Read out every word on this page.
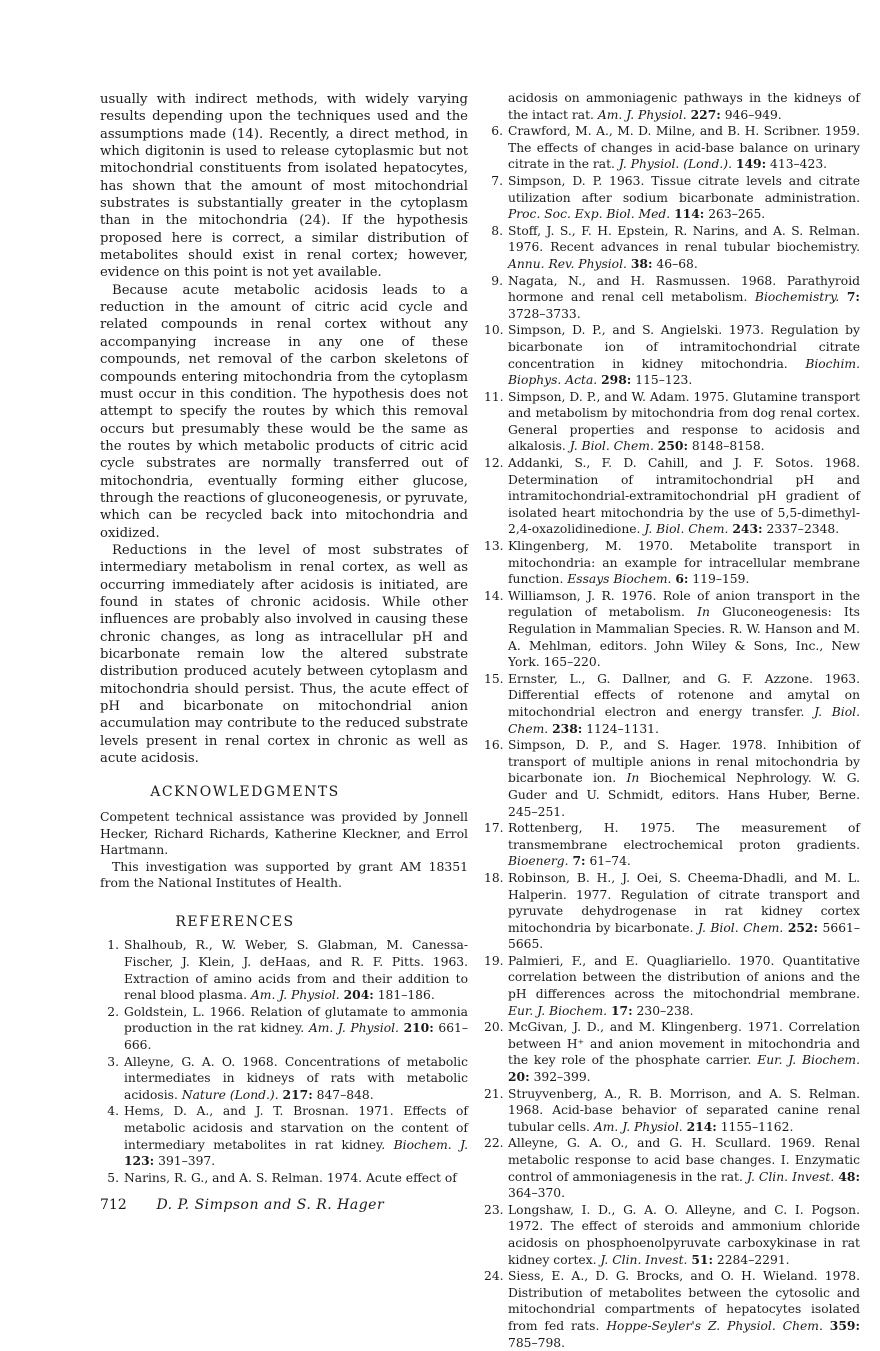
usually with indirect methods, with widely varying results depending upon the techniques used and the assumptions made (14). Recently, a direct method, in which digitonin is used to release cytoplasmic but not mitochondrial constituents from isolated hepatocytes, has shown that the amount of most mitochondrial substrates is substantially greater in the cytoplasm than in the mitochondria (24). If the hypothesis proposed here is correct, a similar distribution of metabolites should exist in renal cortex; however, evidence on this point is not yet available.

Because acute metabolic acidosis leads to a reduction in the amount of citric acid cycle and related compounds in renal cortex without any accompanying increase in any one of these compounds, net removal of the carbon skeletons of compounds entering mitochondria from the cytoplasm must occur in this condition. The hypothesis does not attempt to specify the routes by which this removal occurs but presumably these would be the same as the routes by which metabolic products of citric acid cycle substrates are normally transferred out of mitochondria, eventually forming either glucose, through the reactions of gluconeogenesis, or pyruvate, which can be recycled back into mitochondria and oxidized.

Reductions in the level of most substrates of intermediary metabolism in renal cortex, as well as occurring immediately after acidosis is initiated, are found in states of chronic acidosis. While other influences are probably also involved in causing these chronic changes, as long as intracellular pH and bicarbonate remain low the altered substrate distribution produced acutely between cytoplasm and mitochondria should persist. Thus, the acute effect of pH and bicarbonate on mitochondrial anion accumulation may contribute to the reduced substrate levels present in renal cortex in chronic as well as acute acidosis.

ACKNOWLEDGMENTS

Competent technical assistance was provided by Jonnell Hecker, Richard Richards, Katherine Kleckner, and Errol Hartmann.

This investigation was supported by grant AM 18351 from the National Institutes of Health.

REFERENCES
1. Shalhoub, R., W. Weber, S. Glabman, M. Canessa-Fischer, J. Klein, J. deHaas, and R. F. Pitts. 1963. Extraction of amino acids from and their addition to renal blood plasma. Am. J. Physiol. 204: 181–186.
2. Goldstein, L. 1966. Relation of glutamate to ammonia production in the rat kidney. Am. J. Physiol. 210: 661–666.
3. Alleyne, G. A. O. 1968. Concentrations of metabolic intermediates in kidneys of rats with metabolic acidosis. Nature (Lond.). 217: 847–848.
4. Hems, D. A., and J. T. Brosnan. 1971. Effects of metabolic acidosis and starvation on the content of intermediary metabolites in rat kidney. Biochem. J. 123: 391–397.
5. Narins, R. G., and A. S. Relman. 1974. Acute effect of
712 D. P. Simpson and S. R. Hager
acidosis on ammoniagenic pathways in the kidneys of the intact rat. Am. J. Physiol. 227: 946–949.
6. Crawford, M. A., M. D. Milne, and B. H. Scribner. 1959. The effects of changes in acid-base balance on urinary citrate in the rat. J. Physiol. (Lond.). 149: 413–423.
7. Simpson, D. P. 1963. Tissue citrate levels and citrate utilization after sodium bicarbonate administration. Proc. Soc. Exp. Biol. Med. 114: 263–265.
8. Stoff, J. S., F. H. Epstein, R. Narins, and A. S. Relman. 1976. Recent advances in renal tubular biochemistry. Annu. Rev. Physiol. 38: 46–68.
9. Nagata, N., and H. Rasmussen. 1968. Parathyroid hormone and renal cell metabolism. Biochemistry. 7: 3728–3733.
10. Simpson, D. P., and S. Angielski. 1973. Regulation by bicarbonate ion of intramitochondrial citrate concentration in kidney mitochondria. Biochim. Biophys. Acta. 298: 115–123.
11. Simpson, D. P., and W. Adam. 1975. Glutamine transport and metabolism by mitochondria from dog renal cortex. General properties and response to acidosis and alkalosis. J. Biol. Chem. 250: 8148–8158.
12. Addanki, S., F. D. Cahill, and J. F. Sotos. 1968. Determination of intramitochondrial pH and intramitochondrial-extramitochondrial pH gradient of isolated heart mitochondria by the use of 5,5-dimethyl-2,4-oxazolidinedione. J. Biol. Chem. 243: 2337–2348.
13. Klingenberg, M. 1970. Metabolite transport in mitochondria: an example for intracellular membrane function. Essays Biochem. 6: 119–159.
14. Williamson, J. R. 1976. Role of anion transport in the regulation of metabolism. In Gluconeogenesis: Its Regulation in Mammalian Species. R. W. Hanson and M. A. Mehlman, editors. John Wiley & Sons, Inc., New York. 165–220.
15. Ernster, L., G. Dallner, and G. F. Azzone. 1963. Differential effects of rotenone and amytal on mitochondrial electron and energy transfer. J. Biol. Chem. 238: 1124–1131.
16. Simpson, D. P., and S. Hager. 1978. Inhibition of transport of multiple anions in renal mitochondria by bicarbonate ion. In Biochemical Nephrology. W. G. Guder and U. Schmidt, editors. Hans Huber, Berne. 245–251.
17. Rottenberg, H. 1975. The measurement of transmembrane electrochemical proton gradients. Bioenerg. 7: 61–74.
18. Robinson, B. H., J. Oei, S. Cheema-Dhadli, and M. L. Halperin. 1977. Regulation of citrate transport and pyruvate dehydrogenase in rat kidney cortex mitochondria by bicarbonate. J. Biol. Chem. 252: 5661–5665.
19. Palmieri, F., and E. Quagliariello. 1970. Quantitative correlation between the distribution of anions and the pH differences across the mitochondrial membrane. Eur. J. Biochem. 17: 230–238.
20. McGivan, J. D., and M. Klingenberg. 1971. Correlation between H⁺ and anion movement in mitochondria and the key role of the phosphate carrier. Eur. J. Biochem. 20: 392–399.
21. Struyvenberg, A., R. B. Morrison, and A. S. Relman. 1968. Acid-base behavior of separated canine renal tubular cells. Am. J. Physiol. 214: 1155–1162.
22. Alleyne, G. A. O., and G. H. Scullard. 1969. Renal metabolic response to acid base changes. I. Enzymatic control of ammoniagenesis in the rat. J. Clin. Invest. 48: 364–370.
23. Longshaw, I. D., G. A. O. Alleyne, and C. I. Pogson. 1972. The effect of steroids and ammonium chloride acidosis on phosphoenolpyruvate carboxykinase in rat kidney cortex. J. Clin. Invest. 51: 2284–2291.
24. Siess, E. A., D. G. Brocks, and O. H. Wieland. 1978. Distribution of metabolites between the cytosolic and mitochondrial compartments of hepatocytes isolated from fed rats. Hoppe-Seyler's Z. Physiol. Chem. 359: 785–798.
